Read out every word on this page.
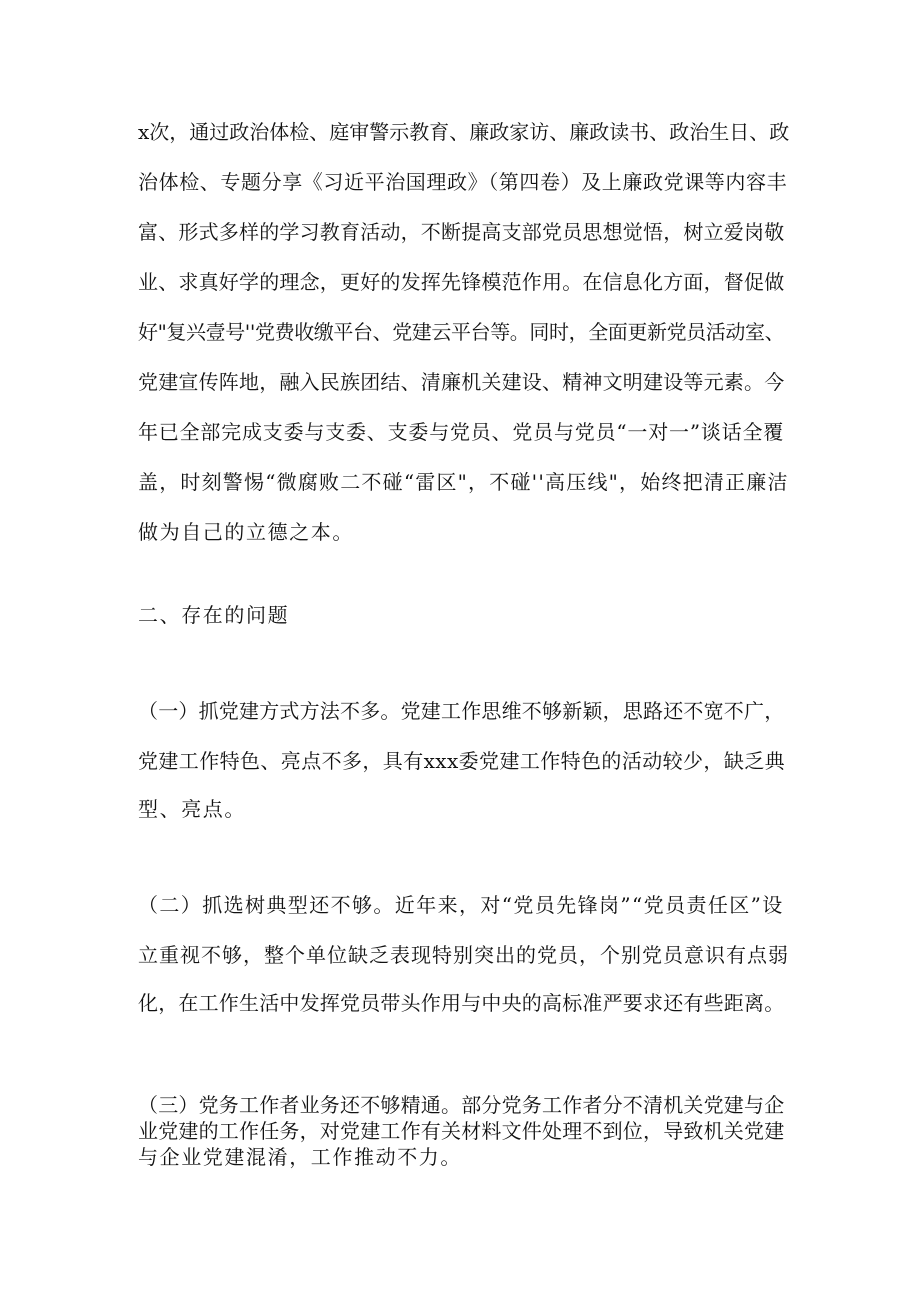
x次，通过政治体检、庭审警示教育、廉政家访、廉政读书、政治生日、政
治体检、专题分享《习近平治国理政》（第四卷）及上廉政党课等内容丰
富、形式多样的学习教育活动，不断提高支部党员思想觉悟，树立爱岗敬
业、求真好学的理念，更好的发挥先锋模范作用。在信息化方面，督促做
好"复兴壹号''党费收缴平台、党建云平台等。同时，全面更新党员活动室、
党建宣传阵地，融入民族团结、清廉机关建设、精神文明建设等元素。今
年已全部完成支委与支委、支委与党员、党员与党员“一对一”谈话全覆
盖，时刻警惕“微腐败二不碰“雷区"，不碰''高压线"，始终把清正廉洁
做为自己的立德之本。
二、存在的问题
（一）抓党建方式方法不多。党建工作思维不够新颖，思路还不宽不广，
党建工作特色、亮点不多，具有xxx委党建工作特色的活动较少，缺乏典
型、亮点。
（二）抓选树典型还不够。近年来，对“党员先锋岗”“党员责任区”设
立重视不够，整个单位缺乏表现特别突出的党员，个别党员意识有点弱
化，在工作生活中发挥党员带头作用与中央的高标准严要求还有些距离。
（三）党务工作者业务还不够精通。部分党务工作者分不清机关党建与企
业党建的工作任务，对党建工作有关材料文件处理不到位，导致机关党建
与企业党建混淆，工作推动不力。
